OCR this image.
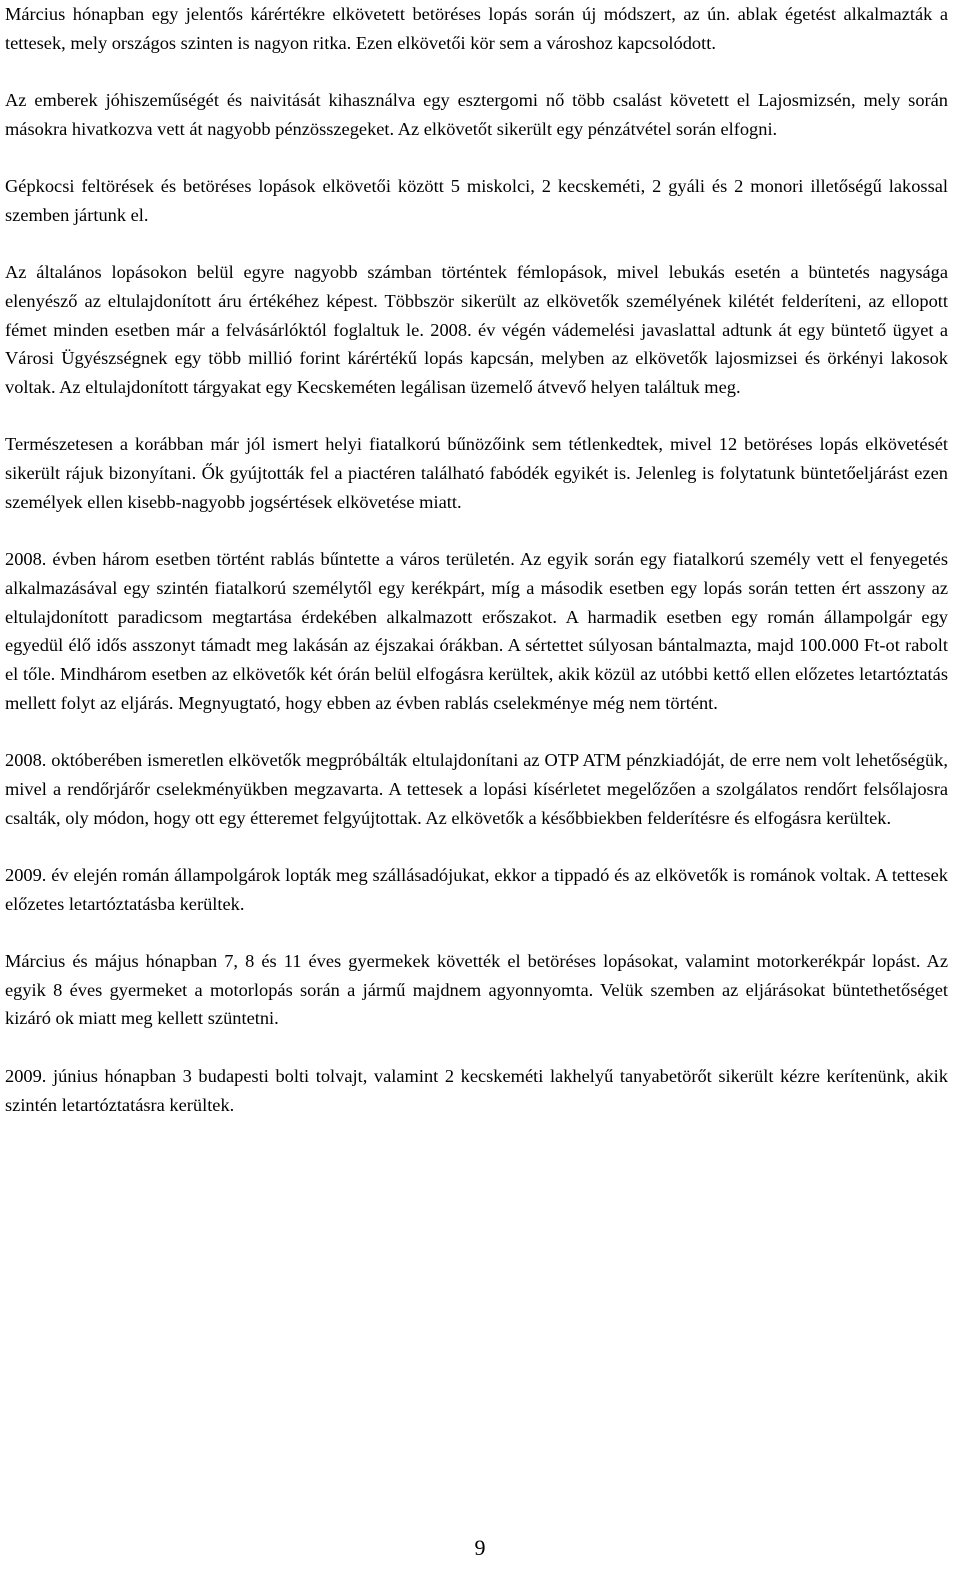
Március hónapban egy jelentős kárértékre elkövetett betöréses lopás során új módszert, az ún. ablak égetést alkalmazták a tettesek, mely országos szinten is nagyon ritka. Ezen elkövetői kör sem a városhoz kapcsolódott.

Az emberek jóhiszeműségét és naivitását kihasználva egy esztergomi nő több csalást követett el Lajosmizsén, mely során másokra hivatkozva vett át nagyobb pénzösszegeket. Az elkövetőt sikerült egy pénzátvétel során elfogni.

Gépkocsi feltörések és betöréses lopások elkövetői között 5 miskolci, 2 kecskeméti, 2 gyáli és 2 monori illetőségű lakossal szemben jártunk el.

Az általános lopásokon belül egyre nagyobb számban történtek fémlopások, mivel lebukás esetén a büntetés nagysága elenyésző az eltulajdonított áru értékéhez képest. Többször sikerült az elkövetők személyének kilétét felderíteni, az ellopott fémet minden esetben már a felvásárlóktól foglaltuk le. 2008. év végén vádemelési javaslattal adtunk át egy büntető ügyet a Városi Ügyészségnek egy több millió forint kárértékű lopás kapcsán, melyben az elkövetők lajosmizsei és örkényi lakosok voltak. Az eltulajdonított tárgyakat egy Kecskeméten legálisan üzemelő átvevő helyen találtuk meg.

Természetesen a korábban már jól ismert helyi fiatalkorú bűnözőink sem tétlenkedtek, mivel 12 betöréses lopás elkövetését sikerült rájuk bizonyítani. Ők gyújtották fel a piactéren található fabódék egyikét is. Jelenleg is folytatunk büntetőeljárást ezen személyek ellen kisebb-nagyobb jogsértések elkövetése miatt.

2008. évben három esetben történt rablás bűntette a város területén. Az egyik során egy fiatalkorú személy vett el fenyegetés alkalmazásával egy szintén fiatalkorú személytől egy kerékpárt, míg a második esetben egy lopás során tetten ért asszony az eltulajdonított paradicsom megtartása érdekében alkalmazott erőszakot. A harmadik esetben egy román állampolgár egy egyedül élő idős asszonyt támadt meg lakásán az éjszakai órákban. A sértettet súlyosan bántalmazta, majd 100.000 Ft-ot rabolt el tőle. Mindhárom esetben az elkövetők két órán belül elfogásra kerültek, akik közül az utóbbi kettő ellen előzetes letartóztatás mellett folyt az eljárás. Megnyugtató, hogy ebben az évben rablás cselekménye még nem történt.

2008. októberében ismeretlen elkövetők megpróbálták eltulajdonítani az OTP ATM pénzkiadóját, de erre nem volt lehetőségük, mivel a rendőrjárőr cselekményükben megzavarta. A tettesek a lopási kísérletet megelőzően a szolgálatos rendőrt felsőlajosra csalták, oly módon, hogy ott egy étteremet felgyújtottak. Az elkövetők a későbbiekben felderítésre és elfogásra kerültek.

2009. év elején román állampolgárok lopták meg szállásadójukat, ekkor a tippadó és az elkövetők is románok voltak. A tettesek előzetes letartóztatásba kerültek.

Március és május hónapban 7, 8 és 11 éves gyermekek követték el betöréses lopásokat, valamint motorkerékpár lopást. Az egyik 8 éves gyermeket a motorlopás során a jármű majdnem agyonnyomta. Velük szemben az eljárásokat büntethetőséget kizáró ok miatt meg kellett szüntetni.

2009. június hónapban 3 budapesti bolti tolvajt, valamint 2 kecskeméti lakhelyű tanyabetörőt sikerült kézre kerítenünk, akik szintén letartóztatásra kerültek.

9
